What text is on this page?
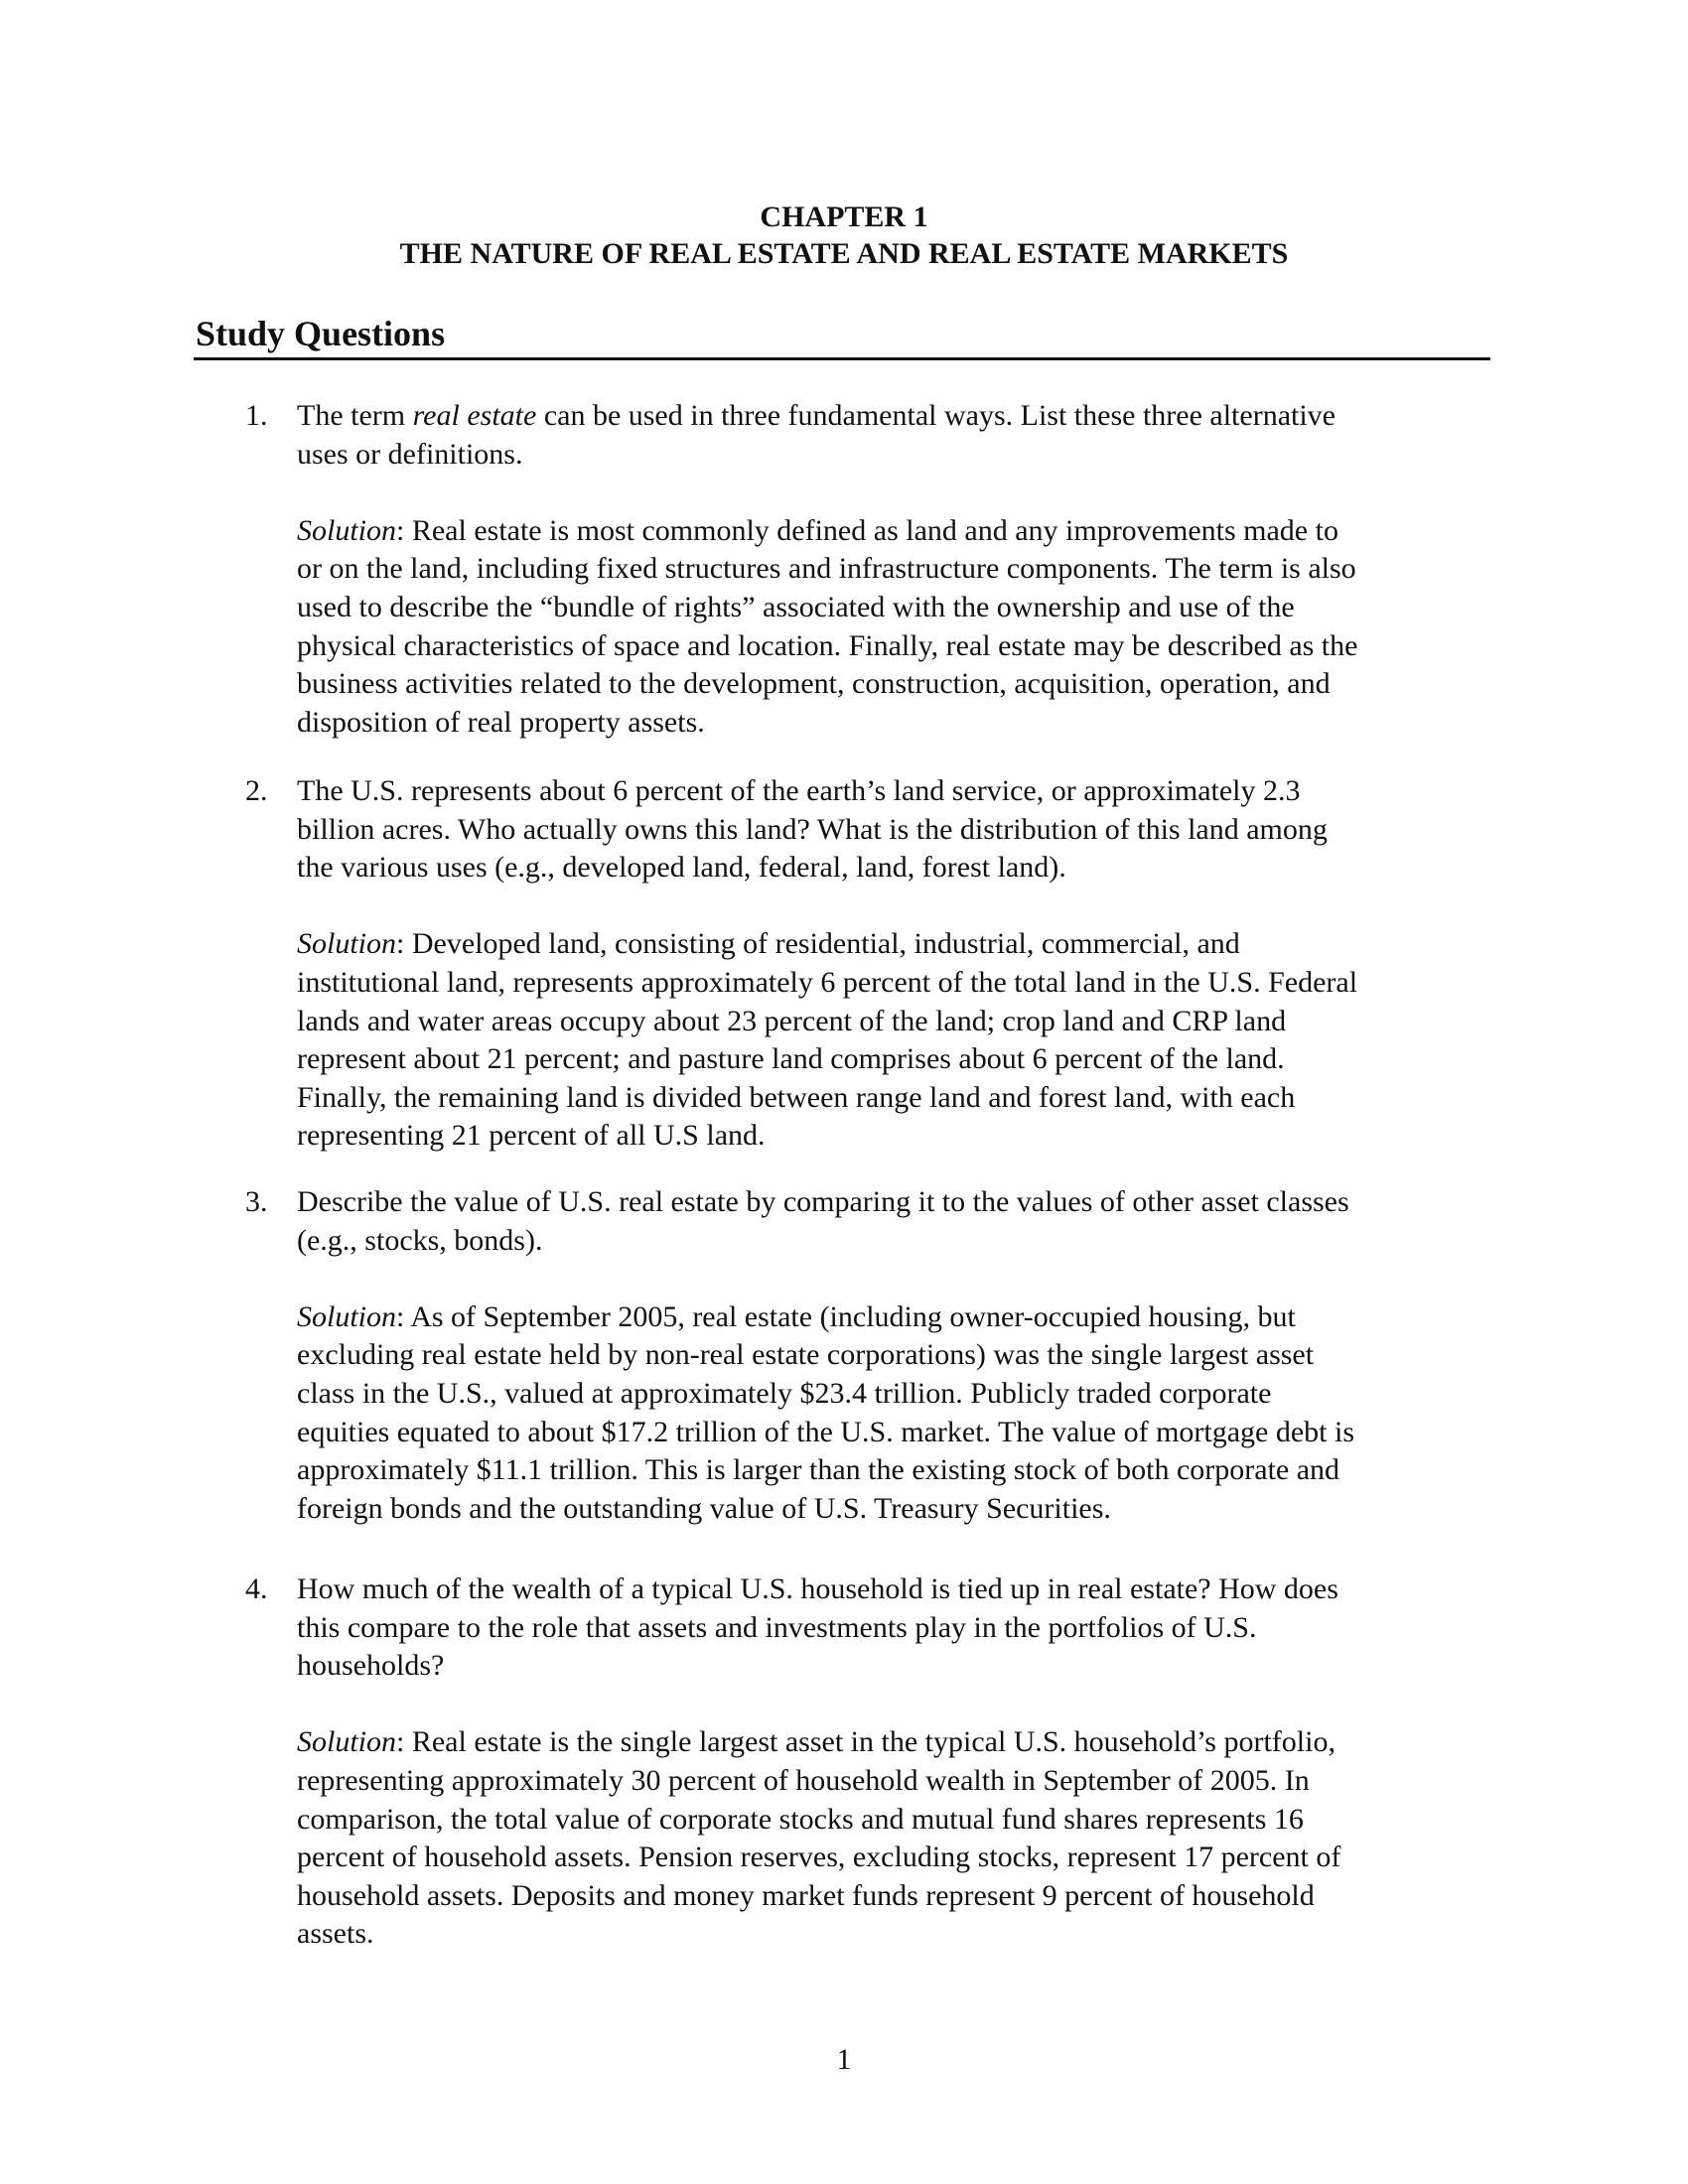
CHAPTER 1
THE NATURE OF REAL ESTATE AND REAL ESTATE MARKETS
Study Questions
1. The term real estate can be used in three fundamental ways. List these three alternative
uses or definitions.
Solution: Real estate is most commonly defined as land and any improvements made to
or on the land, including fixed structures and infrastructure components. The term is also
used to describe the “bundle of rights” associated with the ownership and use of the
physical characteristics of space and location. Finally, real estate may be described as the
business activities related to the development, construction, acquisition, operation, and
disposition of real property assets.
2. The U.S. represents about 6 percent of the earth’s land service, or approximately 2.3
billion acres. Who actually owns this land? What is the distribution of this land among
the various uses (e.g., developed land, federal, land, forest land).
Solution: Developed land, consisting of residential, industrial, commercial, and
institutional land, represents approximately 6 percent of the total land in the U.S. Federal
lands and water areas occupy about 23 percent of the land; crop land and CRP land
represent about 21 percent; and pasture land comprises about 6 percent of the land.
Finally, the remaining land is divided between range land and forest land, with each
representing 21 percent of all U.S land.
3. Describe the value of U.S. real estate by comparing it to the values of other asset classes
(e.g., stocks, bonds).
Solution: As of September 2005, real estate (including owner-occupied housing, but
excluding real estate held by non-real estate corporations) was the single largest asset
class in the U.S., valued at approximately $23.4 trillion. Publicly traded corporate
equities equated to about $17.2 trillion of the U.S. market. The value of mortgage debt is
approximately $11.1 trillion. This is larger than the existing stock of both corporate and
foreign bonds and the outstanding value of U.S. Treasury Securities.
4. How much of the wealth of a typical U.S. household is tied up in real estate? How does
this compare to the role that assets and investments play in the portfolios of U.S.
households?
Solution: Real estate is the single largest asset in the typical U.S. household’s portfolio,
representing approximately 30 percent of household wealth in September of 2005. In
comparison, the total value of corporate stocks and mutual fund shares represents 16
percent of household assets. Pension reserves, excluding stocks, represent 17 percent of
household assets. Deposits and money market funds represent 9 percent of household
assets.
1
